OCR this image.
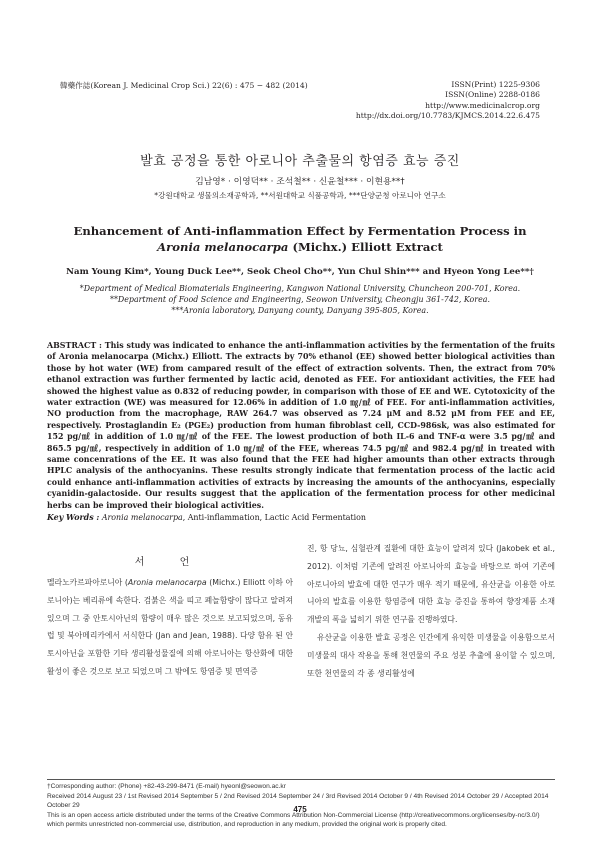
韓藥作誌(Korean J. Medicinal Crop Sci.) 22(6) : 475 − 482 (2014)	ISSN(Print) 1225-9306
ISSN(Online) 2288-0186
http://www.medicinalcrop.org
http://dx.doi.org/10.7783/KJMCS.2014.22.6.475
발효 공정을 통한 아로니아 추출물의 항염증 효능 증진
김남영* · 이영덕** · 조석철** · 신윤철*** · 이현용**†
*강원대학교 생물의소재공학과, **서원대학교 식품공학과, ***단양군청 아로니아 연구소
Enhancement of Anti-inflammation Effect by Fermentation Process in
Aronia melanocarpa (Michx.) Elliott Extract
Nam Young Kim*, Young Duck Lee**, Seok Cheol Cho**, Yun Chul Shin*** and Hyeon Yong Lee**†
*Department of Medical Biomaterials Engineering, Kangwon National University, Chuncheon 200-701, Korea.
**Department of Food Science and Engineering, Seowon University, Cheongju 361-742, Korea.
***Aronia laboratory, Danyang county, Danyang 395-805, Korea.

ABSTRACT : This study was indicated to enhance the anti-inflammation activities by the fermentation of the fruits of Aronia melanocarpa (Michx.) Elliott. The extracts by 70% ethanol (EE) showed better biological activities than those by hot water (WE) from campared result of the effect of extraction solvents. Then, the extract from 70% ethanol extraction was further fermented by lactic acid, denoted as FEE. For antioxidant activities, the FEE had showed the highest value as 0.832 of reducing powder, in comparison with those of EE and WE. Cytotoxicity of the water extraction (WE) was measured for 12.06% in addition of 1.0 ㎎/㎖ of FEE. For anti-inflammation activities, NO production from the macrophage, RAW 264.7 was observed as 7.24 μM and 8.52 μM from FEE and EE, respectively. Prostaglandin E₂ (PGE₂) production from human fibroblast cell, CCD-986sk, was also estimated for 152 pg/㎖ in addition of 1.0 ㎎/㎖ of the FEE. The lowest production of both IL-6 and TNF-α were 3.5 pg/㎖ and 865.5 pg/㎖, respectively in addition of 1.0 ㎎/㎖ of the FEE, whereas 74.5 pg/㎖ and 982.4 pg/㎖ in treated with same concenrations of the EE. It was also found that the FEE had higher amounts than other extracts through HPLC analysis of the anthocyanins. These results strongly indicate that fermentation process of the lactic acid could enhance anti-inflammation activities of extracts by increasing the amounts of the anthocyanins, especially cyanidin-galactoside. Our results suggest that the application of the fermentation process for other medicinal herbs can be improved their biological activities.

Key Words : Aronia melanocarpa, Anti-inflammation, Lactic Acid Fermentation
서 언

멜라노카르파아로니아 (Aronia melanocarpa (Michx.) Elliott 이하 아로니아)는 베리류에 속한다. 검붉은 색을 띠고 폐놀함량이 많다고 알려져 있으며 그 중 안토시아닌의 함량이 매우 많은 것으로 보고되었으며, 동유럽 및 북아메리카에서 서식한다 (Jan and Jean, 1988). 다양 함유 된 안토시아닌을 포함한 기타 생리활성물질에 의해 아로니아는 항산화에 대한 활성이 좋은 것으로 보고 되었으며 그 밖에도 항염증 및 면역증

진, 항 당뇨, 심혈관계 질환에 대한 효능이 알려져 있다 (Jakobek et al., 2012). 이처럼 기존에 알려진 아로니아의 효능을 바탕으로 하여 기존에 아로니아의 발효에 대한 연구가 매우 적기 때문에, 유산균을 이용한 아로니아의 발효를 이용한 항염증에 대한 효능 증진을 통하여 향장제품 소재 개발의 폭을 넓히기 위한 연구를 진행하였다.

유산균을 이용한 발효 공정은 인간에게 유익한 미생물을 이용함으로서 미생물의 대사 작용을 통해 천연물의 주요 성분 추출에 용이할 수 있으며, 또한 천연물의 각 종 생리활성에

†Corresponding author: (Phone) +82-43-299-8471 (E-mail) hyeonl@seowon.ac.kr
Received 2014 August 23 / 1st Revised 2014 September 5 / 2nd Revised 2014 September 24 / 3rd Revised 2014 October 9 / 4th Revised 2014 October 29 / Accepted 2014 October 29
This is an open access article distributed under the terms of the Creative Commons Attribution Non-Commercial License (http://creativecommons.org/licenses/by-nc/3.0/) which permits unrestricted non-commercial use, distribution, and reproduction in any medium, provided the original work is properly cited.
475
